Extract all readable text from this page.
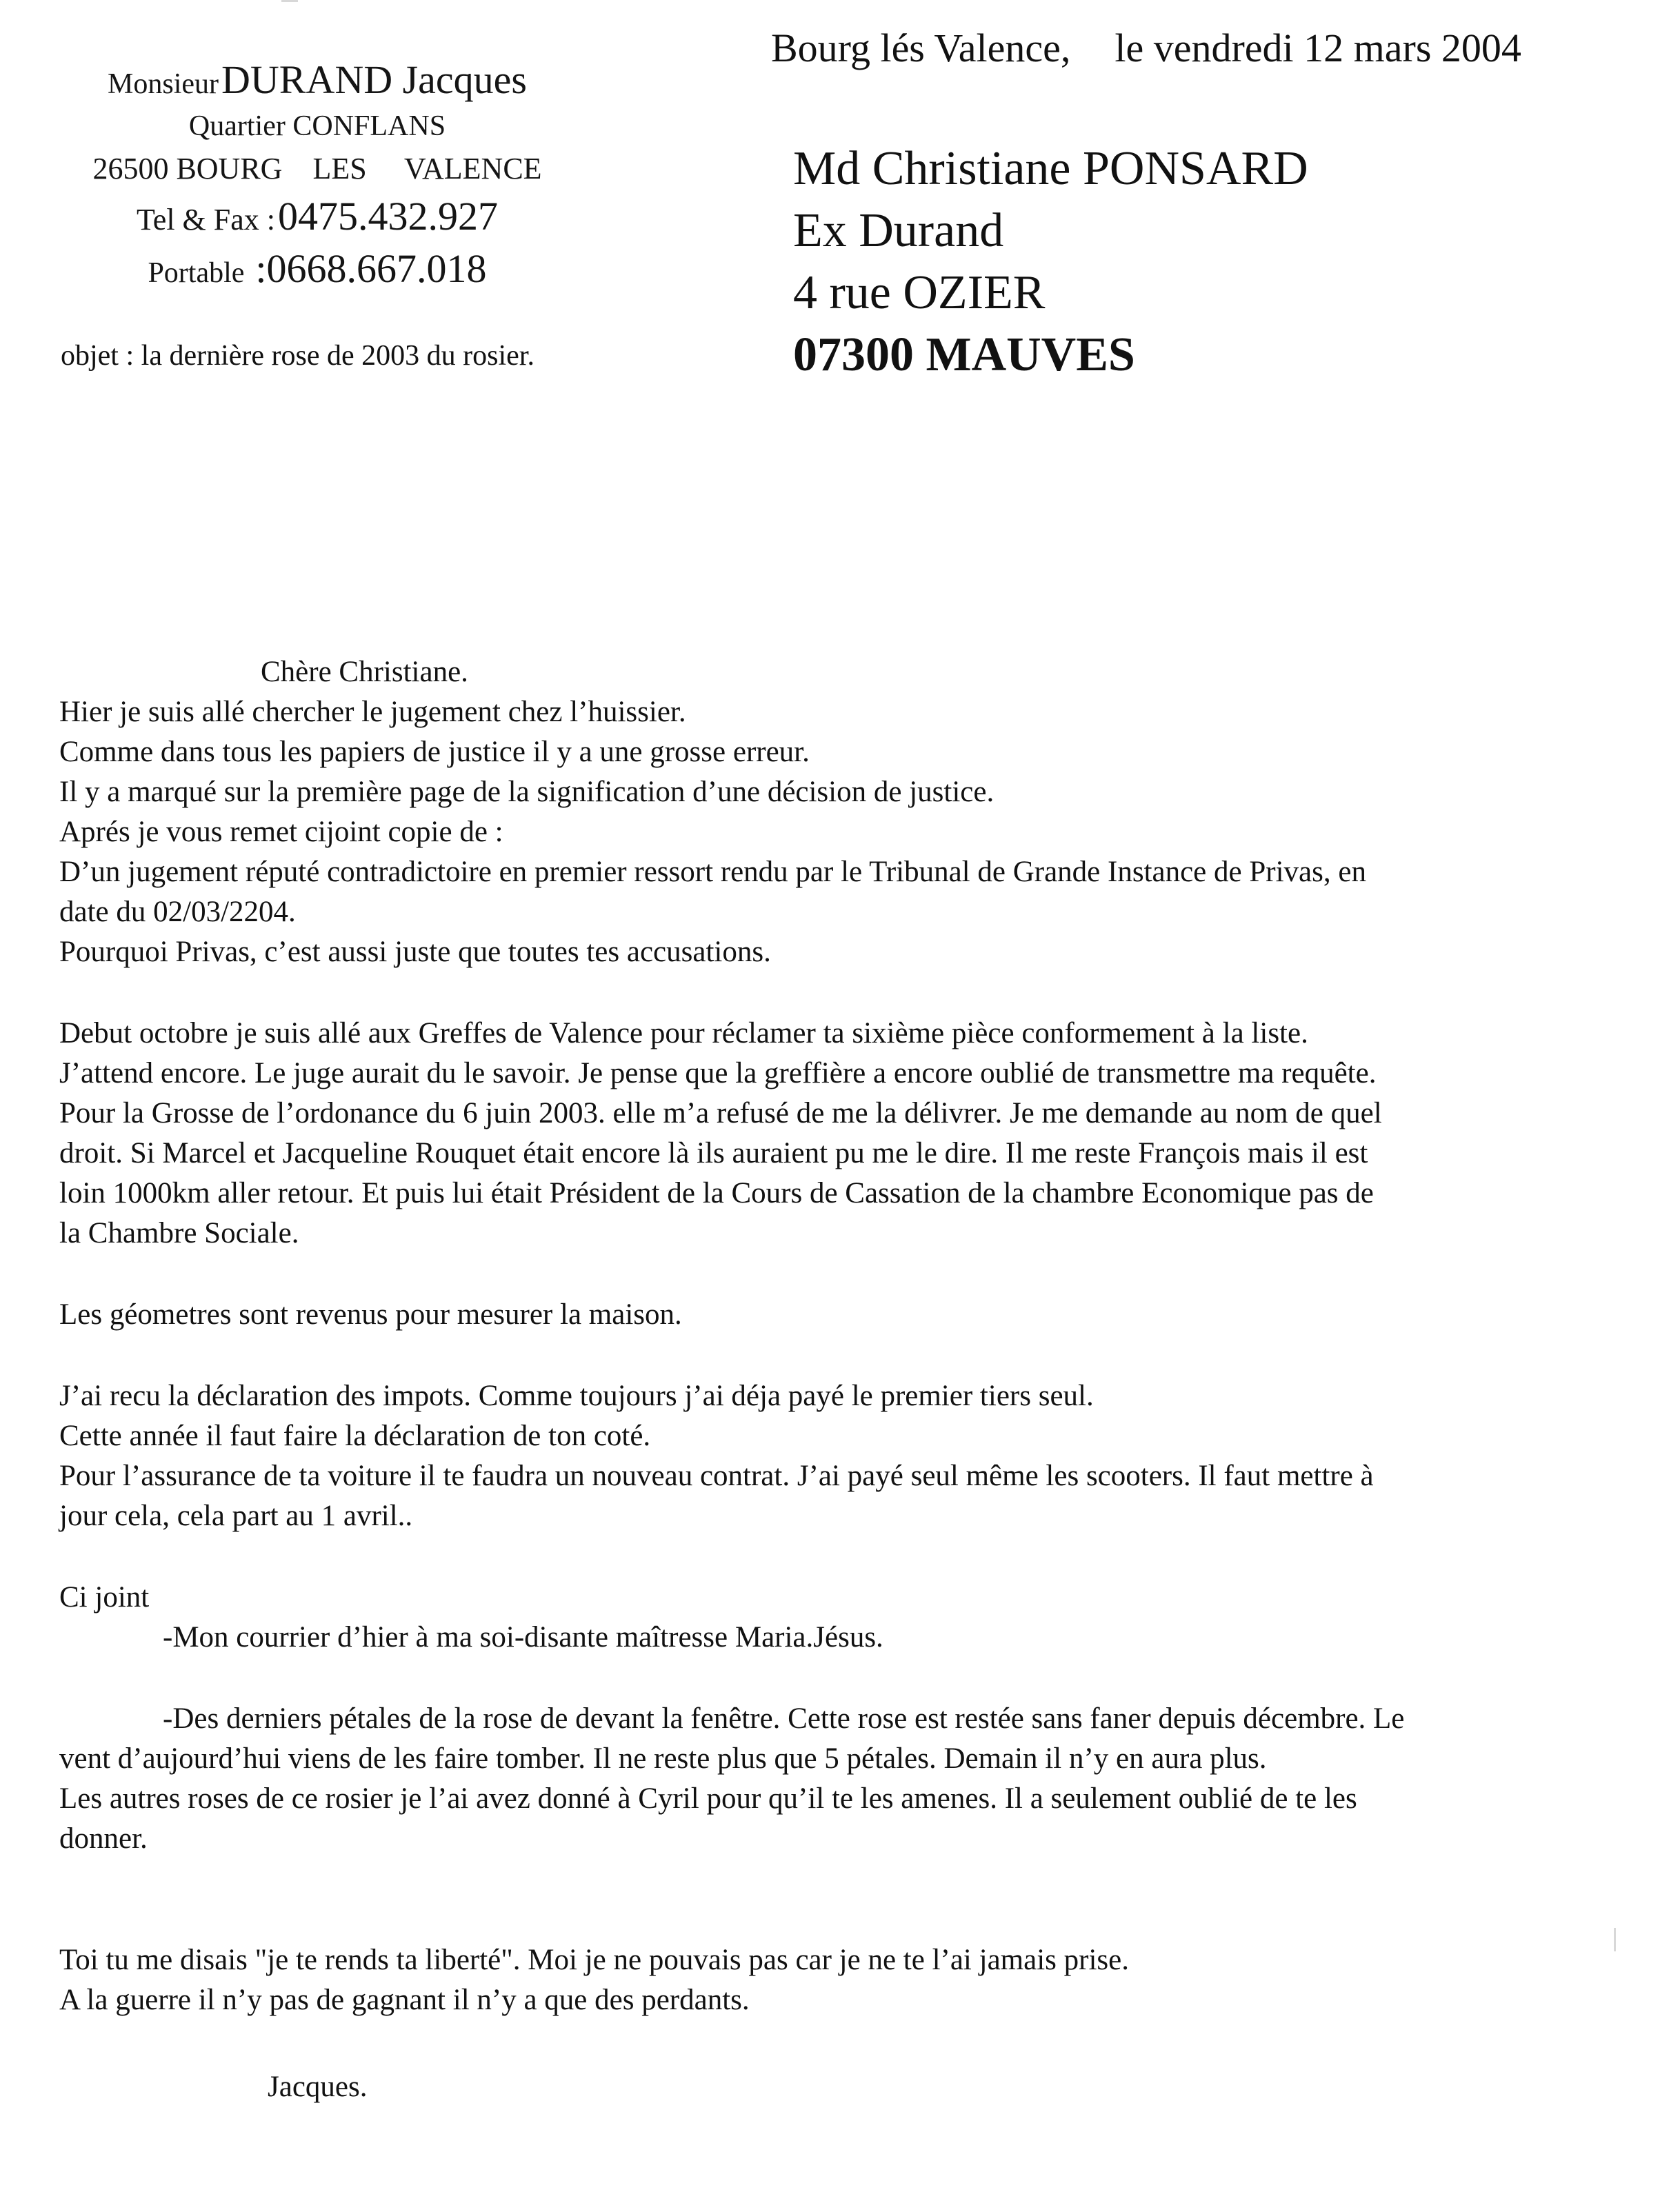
Monsieur DURAND Jacques
Quartier CONFLANS
26500 BOURG LES VALENCE
Tel & Fax : 0475.432.927
Portable :0668.667.018
Bourg lés Valence, le vendredi 12 mars 2004
Md Christiane PONSARD
Ex Durand
4 rue OZIER
07300 MAUVES
objet : la dernière rose de 2003 du rosier.
Chère Christiane.
Hier je suis allé chercher le jugement chez l’huissier.
Comme dans tous les papiers de justice il y a une grosse erreur.
Il y a marqué sur la première page de la signification d’une décision de justice.
Aprés je vous remet cijoint copie de :
D’un jugement réputé contradictoire en premier ressort rendu par le Tribunal de Grande Instance de Privas, en
date du 02/03/2204.
Pourquoi Privas, c’est aussi juste que toutes tes accusations.
Debut octobre je suis allé aux Greffes de Valence pour réclamer ta sixième pièce conformement à la liste.
J’attend encore. Le juge aurait du le savoir. Je pense que la greffière a encore oublié de transmettre ma requête.
Pour la Grosse de l’ordonance du 6 juin 2003. elle m’a refusé de me la délivrer. Je me demande au nom de quel
droit. Si Marcel et Jacqueline Rouquet était encore là ils auraient pu me le dire. Il me reste François mais il est
loin 1000km aller retour. Et puis lui était Président de la Cours de Cassation de la chambre Economique pas de
la Chambre Sociale.
Les géometres sont revenus pour mesurer la maison.
J’ai recu la déclaration des impots. Comme toujours j’ai déja payé le premier tiers seul.
Cette année il faut faire la déclaration de ton coté.
Pour l’assurance de ta voiture il te faudra un nouveau contrat. J’ai payé seul même les scooters. Il faut mettre à
jour cela, cela part au 1 avril..
Ci joint
-Mon courrier d’hier à ma soi-disante maîtresse Maria.Jésus.
-Des derniers pétales de la rose de devant la fenêtre. Cette rose est restée sans faner depuis décembre. Le
vent d’aujourd’hui viens de les faire tomber. Il ne reste plus que 5 pétales. Demain il n’y en aura plus.
Les autres roses de ce rosier je l’ai avez donné à Cyril pour qu’il te les amenes. Il a seulement oublié de te les
donner.
Toi tu me disais "je te rends ta liberté". Moi je ne pouvais pas car je ne te l’ai jamais prise.
A la guerre il n’y pas de gagnant il n’y a que des perdants.
Jacques.
